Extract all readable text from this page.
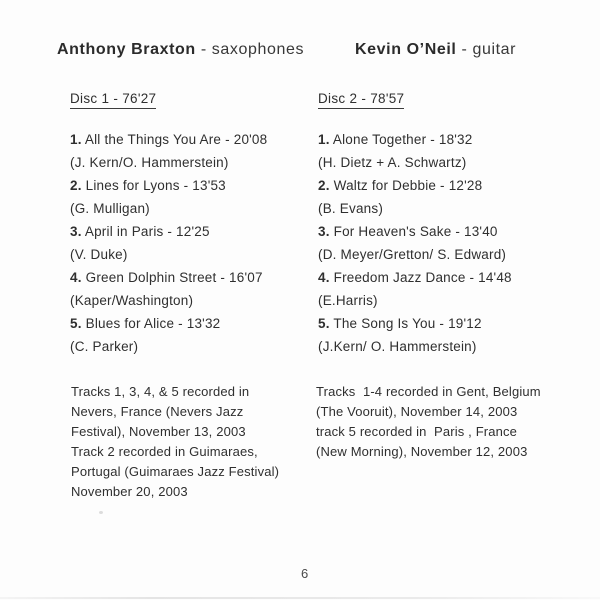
Anthony Braxton - saxophones	Kevin O’Neil - guitar
Disc 1 - 76'27	Disc 2 - 78'57
1. All the Things You Are - 20'08
(J. Kern/O. Hammerstein)
2. Lines for Lyons - 13'53
(G. Mulligan)
3. April in Paris - 12'25
(V. Duke)
4. Green Dolphin Street - 16'07
(Kaper/Washington)
5. Blues for Alice - 13'32
(C. Parker)
1. Alone Together - 18'32
(H. Dietz + A. Schwartz)
2. Waltz for Debbie - 12'28
(B. Evans)
3. For Heaven's Sake - 13'40
(D. Meyer/Gretton/ S. Edward)
4. Freedom Jazz Dance - 14'48
(E.Harris)
5. The Song Is You - 19'12
(J.Kern/ O. Hammerstein)
Tracks 1, 3, 4, & 5 recorded in
Nevers, France (Nevers Jazz
Festival), November 13, 2003
Track 2 recorded in Guimaraes,
Portugal (Guimaraes Jazz Festival)
November 20, 2003
Tracks  1-4 recorded in Gent, Belgium
(The Vooruit), November 14, 2003
track 5 recorded in  Paris , France
(New Morning), November 12, 2003
6
